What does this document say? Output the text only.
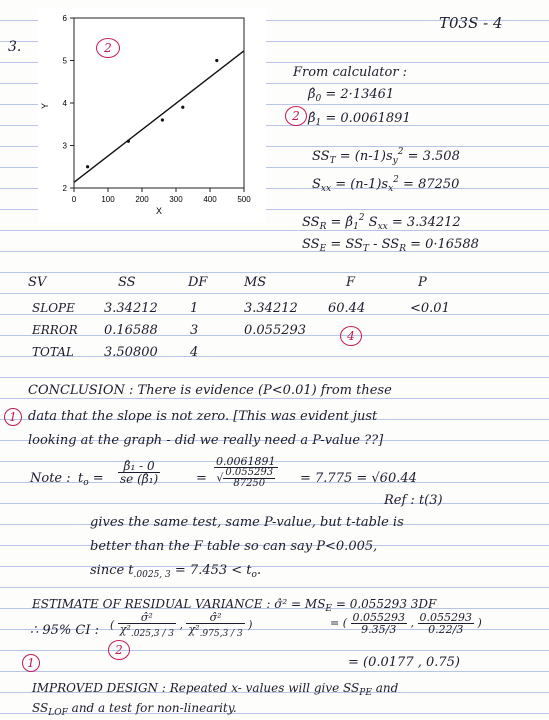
T03S - 4
3.
0	100	200	300	400	500
2
3
4
5
6
X
Y
2
From calculator :
2
$\betâ_0 = 2\cdot 13461$
$\betâ_1 = 0.0061891$
$SS_T = (n-1)s_y^2 = 3.508$
$S_{xx} = (n-1)s_x^2 = 87250$
$SS_R$ = $\betâ_1^2$ $S_{xx} = 3.34212$
$SS_E = SS_T - SS_R = 0\cdot 16588$
SV	SS	DF	MS	F	P
SLOPE 3.34212 1	3.34212 60.44	<0.01
ERROR 0.16588 3	0.055293
TOTAL 3.50800 4
4
CONCLUSION : There is evidence (P<0.01) from these
1 data that the slope is not zero. [This was evident just
looking at the graph - did we really need a P-value ??]
Note : $t_o = \frac{\text{β̂₁ - 0}}{\text{se (β̂₁)}}$	= $\frac{0.0061891}{√ \frac{0.055293}{87250}} = 7.775 = √60.44$
Ref : t(3)
gives the same test, same P-value, but t-table is
better than the F table so can say P<0.005,
since $t_{.0025, 3} = 7.453 < t_o$.
ESTIMATE OF RESIDUAL VARIANCE : σ̂² = $MS_E = 0.055293$ 3DF
∴ 95% CI : ( $\frac{\text{σ̂²}}{\chi^2_{.025,3 / 3}}$ , $\frac{\text{σ̂²}}{\chi^2_{.975,3 / 3}}$ )	= ( $\frac{0.055293}{9.35/3}$ , $\frac{0.055293}{0.22/3}$ )
2
= (0.0177 , 0.75)
1
IMPROVED DESIGN : Repeated x- values will give $SS_{PE}$ and
$SS_{LOF}$ and a test for non-linearity.
